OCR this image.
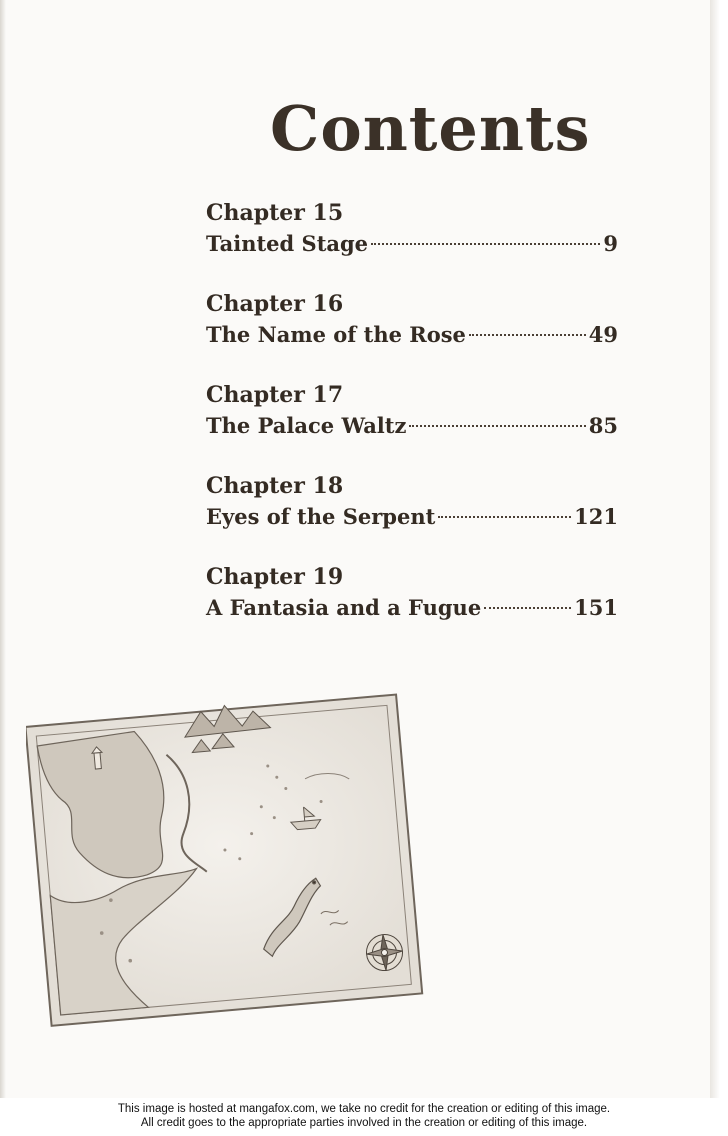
Contents
Chapter 15
Tainted Stage	9
Chapter 16
The Name of the Rose	49
Chapter 17
The Palace Waltz	85
Chapter 18
Eyes of the Serpent	121
Chapter 19
A Fantasia and a Fugue	151
This image is hosted at mangafox.com, we take no credit for the creation or editing of this image.
All credit goes to the appropriate parties involved in the creation or editing of this image.
